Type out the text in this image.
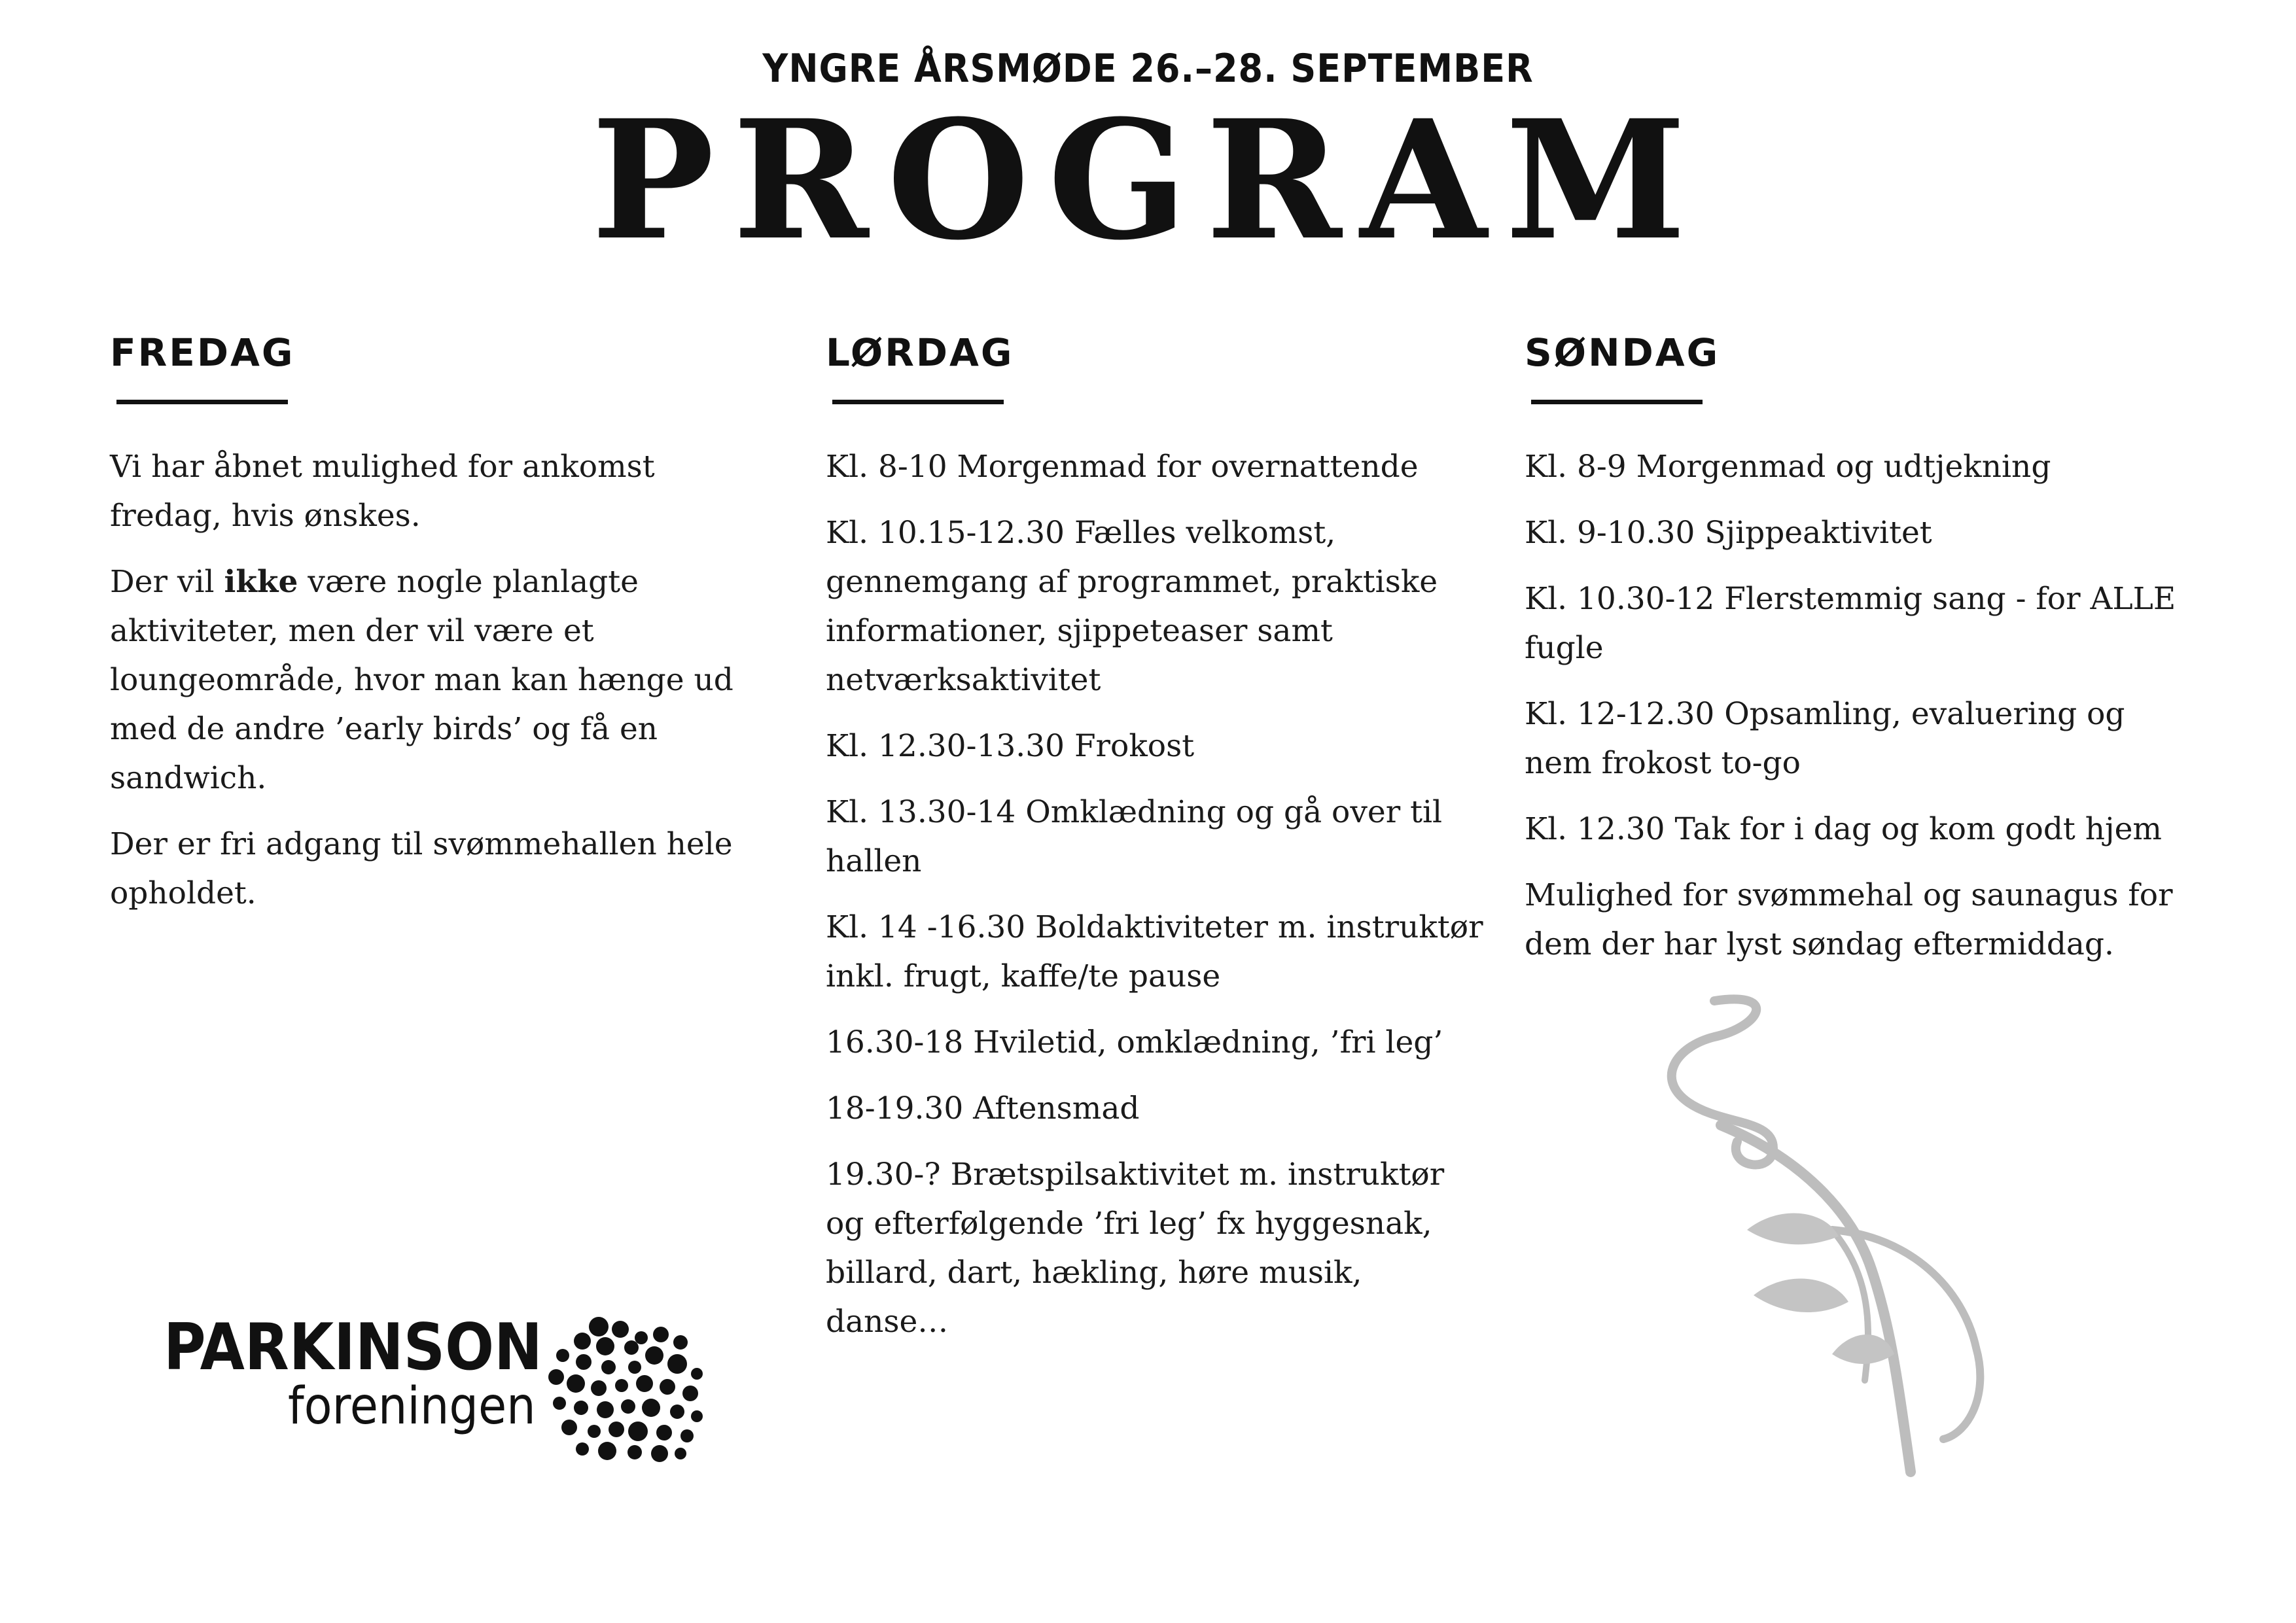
YNGRE ÅRSMØDE 26.–28. SEPTEMBER
PROGRAM
FREDAG

Vi har åbnet mulighed for ankomst fredag, hvis ønskes.

Der vil ikke være nogle planlagte aktiviteter, men der vil være et loungeområde, hvor man kan hænge ud med de andre ’early birds’ og få en sandwich.

Der er fri adgang til svømmehallen hele opholdet.

LØRDAG

Kl. 8-10 Morgenmad for overnattende

Kl. 10.15-12.30 Fælles velkomst, gennemgang af programmet, praktiske informationer, sjippeteaser samt netværksaktivitet

Kl. 12.30-13.30 Frokost

Kl. 13.30-14 Omklædning og gå over til hallen

Kl. 14 -16.30 Boldaktiviteter m. instruktør inkl. frugt, kaffe/te pause

16.30-18 Hviletid, omklædning, ’fri leg’

18-19.30 Aftensmad

19.30-? Brætspilsaktivitet m. instruktør og efterfølgende ’fri leg’ fx hyggesnak, billard, dart, hækling, høre musik, danse…

SØNDAG

Kl. 8-9 Morgenmad og udtjekning

Kl. 9-10.30 Sjippeaktivitet

Kl. 10.30-12 Flerstemmig sang - for ALLE fugle

Kl. 12-12.30 Opsamling, evaluering og nem frokost to-go

Kl. 12.30 Tak for i dag og kom godt hjem

Mulighed for svømmehal og saunagus for dem der har lyst søndag eftermiddag.

PARKINSON
foreningen
